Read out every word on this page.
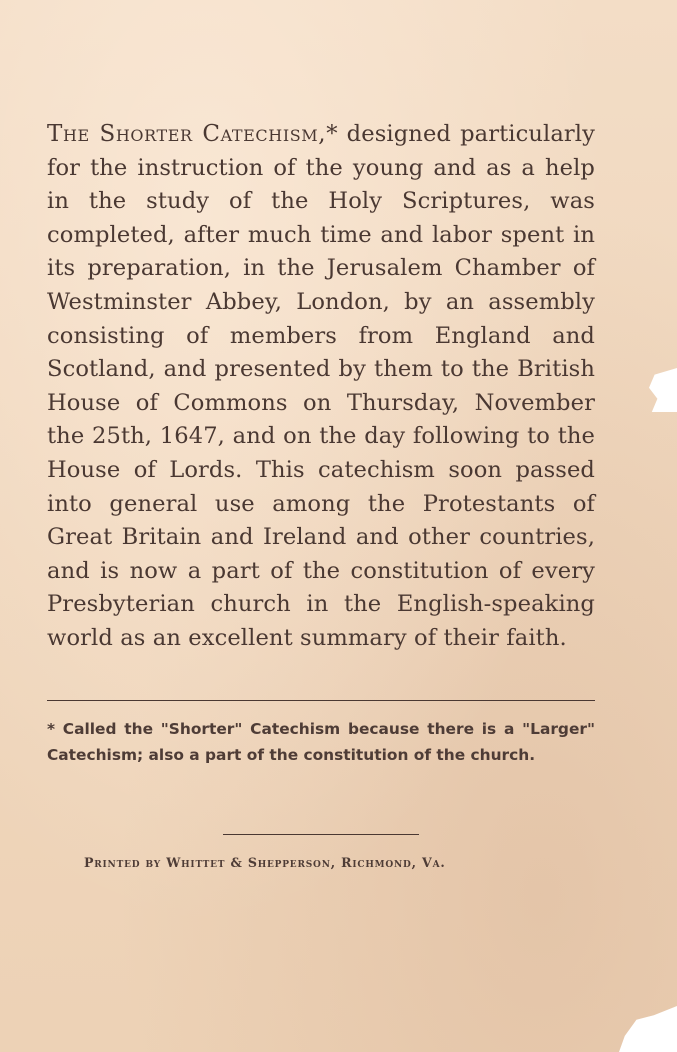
The Shorter Catechism,* designed particularly for the instruction of the young and as a help in the study of the Holy Scriptures, was completed, after much time and labor spent in its preparation, in the Jerusalem Chamber of Westminster Abbey, London, by an assembly consisting of members from England and Scotland, and presented by them to the British House of Commons on Thursday, November the 25th, 1647, and on the day following to the House of Lords. This catechism soon passed into general use among the Protestants of Great Britain and Ireland and other countries, and is now a part of the constitution of every Presbyterian church in the English-speaking world as an excellent summary of their faith.

* Called the "Shorter" Catechism because there is a "Larger" Catechism; also a part of the constitution of the church.

Printed by Whittet & Shepperson, Richmond, Va.
